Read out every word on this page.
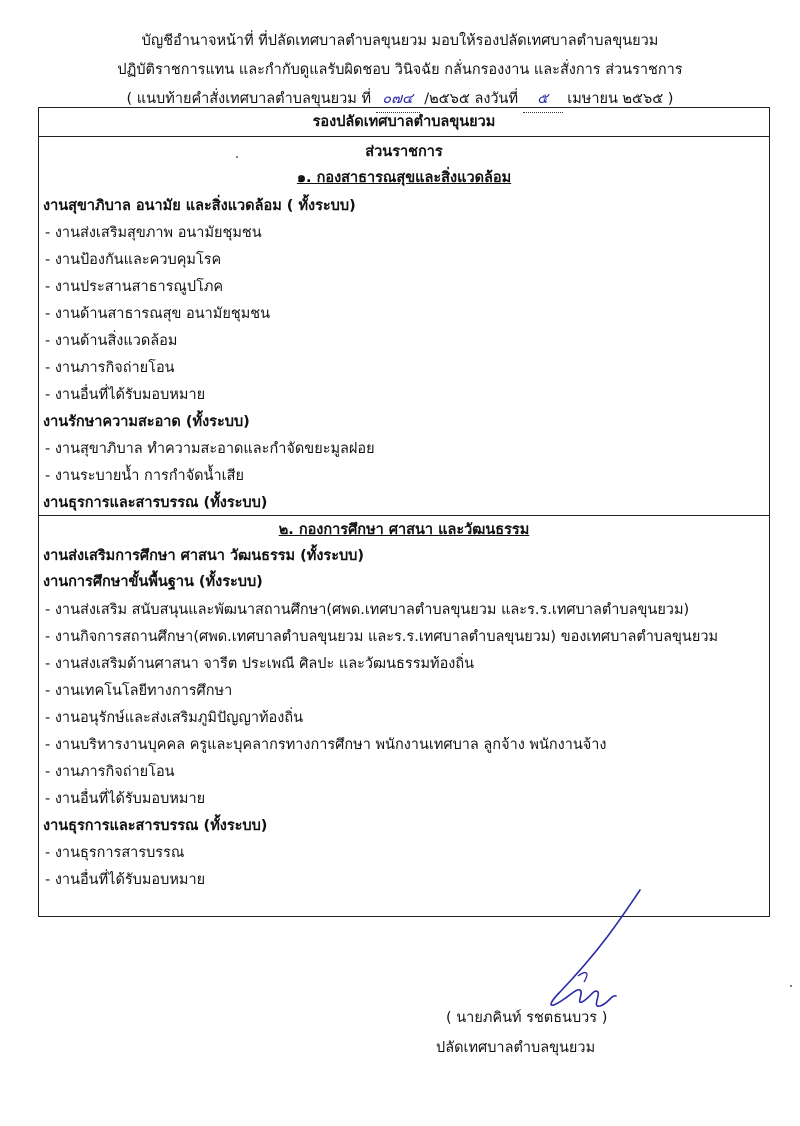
บัญชีอำนาจหน้าที่ ที่ปลัดเทศบาลตำบลขุนยวม มอบให้รองปลัดเทศบาลตำบลขุนยวม
ปฏิบัติราชการแทน และกำกับดูแลรับผิดชอบ วินิจฉัย กลั่นกรองงาน และสั่งการ ส่วนราชการ
( แนบท้ายคำสั่งเทศบาลตำบลขุนยวม ที่ ๐๗๔ /๒๕๖๕ ลงวันที่ ๕ เมษายน ๒๕๖๕ )
รองปลัดเทศบาลตำบลขุนยวม
ส่วนราชการ
๑. กองสาธารณสุขและสิ่งแวดล้อม
งานสุขาภิบาล อนามัย และสิ่งแวดล้อม ( ทั้งระบบ)
- งานส่งเสริมสุขภาพ อนามัยชุมชน
- งานป้องกันและควบคุมโรค
- งานประสานสาธารณูปโภค
- งานด้านสาธารณสุข อนามัยชุมชน
- งานด้านสิ่งแวดล้อม
- งานภารกิจถ่ายโอน
- งานอื่นที่ได้รับมอบหมาย
งานรักษาความสะอาด (ทั้งระบบ)
- งานสุขาภิบาล ทำความสะอาดและกำจัดขยะมูลฝอย
- งานระบายน้ำ การกำจัดน้ำเสีย
งานธุรการและสารบรรณ (ทั้งระบบ)
๒. กองการศึกษา ศาสนา และวัฒนธรรม
งานส่งเสริมการศึกษา ศาสนา วัฒนธรรม (ทั้งระบบ)
งานการศึกษาขั้นพื้นฐาน (ทั้งระบบ)
- งานส่งเสริม สนับสนุนและพัฒนาสถานศึกษา(ศพด.เทศบาลตำบลขุนยวม และร.ร.เทศบาลตำบลขุนยวม)
- งานกิจการสถานศึกษา(ศพด.เทศบาลตำบลขุนยวม และร.ร.เทศบาลตำบลขุนยวม) ของเทศบาลตำบลขุนยวม
- งานส่งเสริมด้านศาสนา จารีต ประเพณี ศิลปะ และวัฒนธรรมท้องถิ่น
- งานเทคโนโลยีทางการศึกษา
- งานอนุรักษ์และส่งเสริมภูมิปัญญาท้องถิ่น
- งานบริหารงานบุคคล ครูและบุคลากรทางการศึกษา พนักงานเทศบาล ลูกจ้าง พนักงานจ้าง
- งานภารกิจถ่ายโอน
- งานอื่นที่ได้รับมอบหมาย
งานธุรการและสารบรรณ (ทั้งระบบ)
- งานธุรการสารบรรณ
- งานอื่นที่ได้รับมอบหมาย
( นายภคินท์ รชตธนบวร )
ปลัดเทศบาลตำบลขุนยวม
